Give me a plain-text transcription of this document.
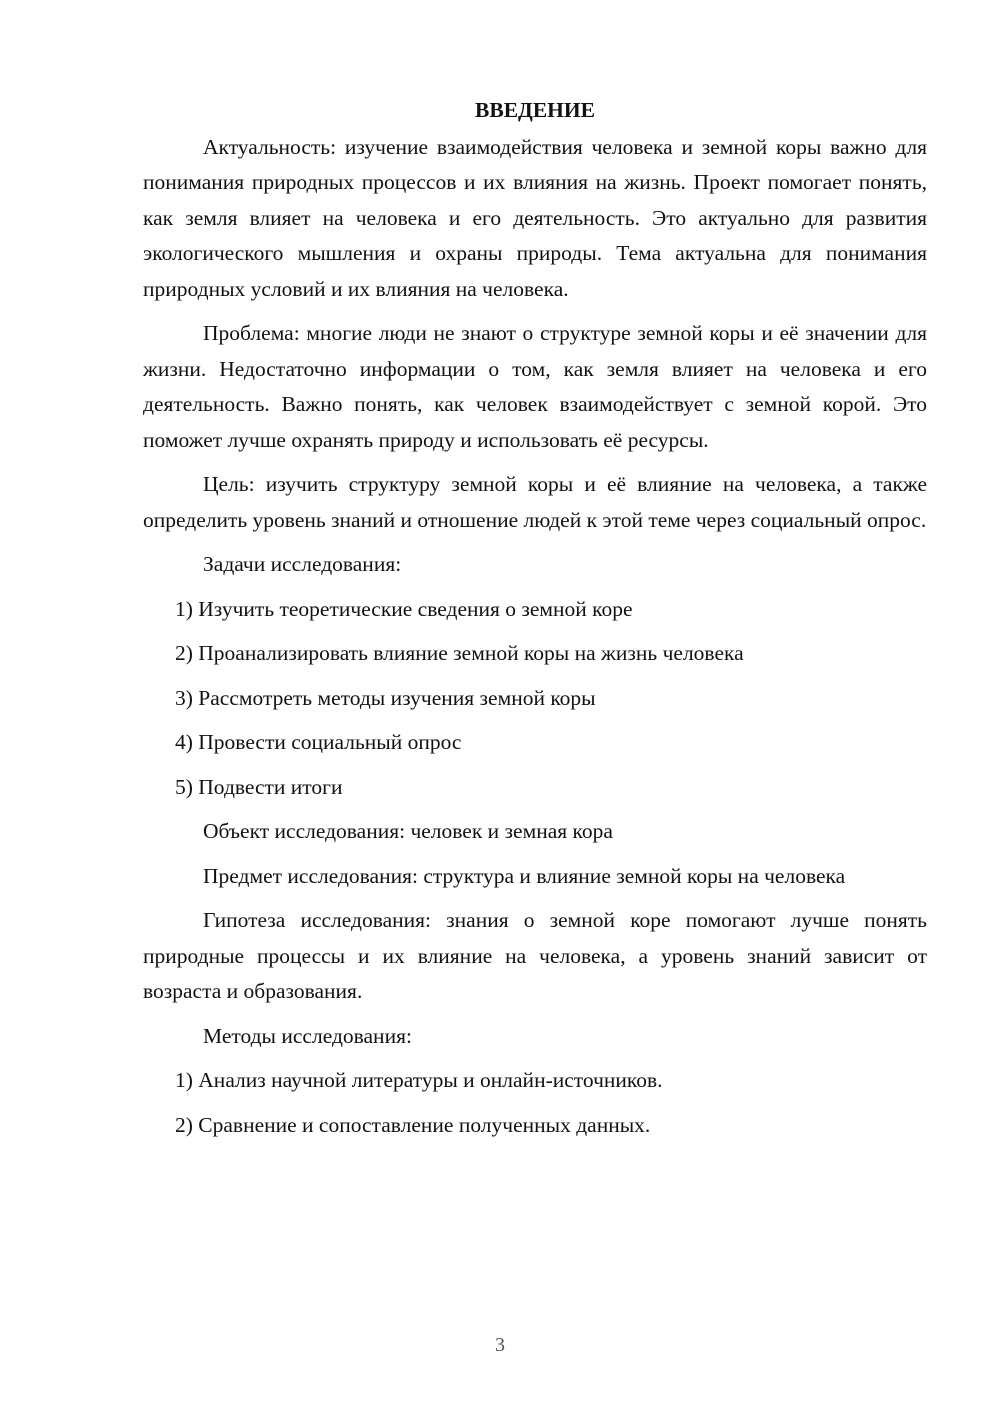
ВВЕДЕНИЕ

Актуальность: изучение взаимодействия человека и земной коры важно для понимания природных процессов и их влияния на жизнь. Проект помогает понять, как земля влияет на человека и его деятельность. Это актуально для развития экологического мышления и охраны природы. Тема актуальна для понимания природных условий и их влияния на человека.

Проблема: многие люди не знают о структуре земной коры и её значении для жизни. Недостаточно информации о том, как земля влияет на человека и его деятельность. Важно понять, как человек взаимодействует с земной корой. Это поможет лучше охранять природу и использовать её ресурсы.

Цель: изучить структуру земной коры и её влияние на человека, а также определить уровень знаний и отношение людей к этой теме через социальный опрос.

Задачи исследования:
1) Изучить теоретические сведения о земной коре
2) Проанализировать влияние земной коры на жизнь человека
3) Рассмотреть методы изучения земной коры
4) Провести социальный опрос
5) Подвести итоги
Объект исследования: человек и земная кора

Предмет исследования: структура и влияние земной коры на человека

Гипотеза исследования: знания о земной коре помогают лучше понять природные процессы и их влияние на человека, а уровень знаний зависит от возраста и образования.

Методы исследования:
1) Анализ научной литературы и онлайн-источников.
2) Сравнение и сопоставление полученных данных.
3
